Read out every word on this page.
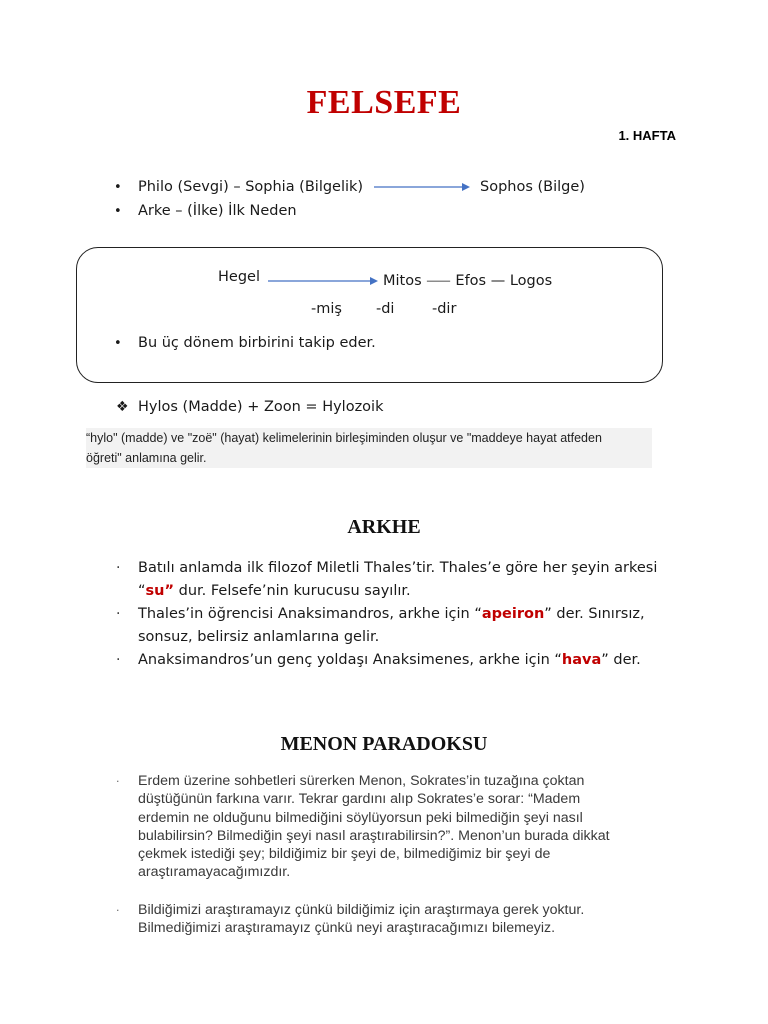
FELSEFE
1. HAFTA
• Philo (Sevgi) – Sophia (Bilgelik)	Sophos (Bilge)
• Arke – (İlke) İlk Neden
Hegel	Mitos ⸺ Efos — Logos
-miş -di	-dir
• Bu üç dönem birbirini takip eder.
❖ Hylos (Madde) + Zoon = Hylozoik
“hylo" (madde) ve "zoë" (hayat) kelimelerinin birleşiminden oluşur ve "maddeye hayat atfeden
öğreti" anlamına gelir.
ARKHE
· Batılı anlamda ilk filozof Miletli Thales’tir. Thales’e göre her şeyin arkesi
“su” dur. Felsefe’nin kurucusu sayılır.
· Thales’in öğrencisi Anaksimandros, arkhe için “apeiron” der. Sınırsız,
sonsuz, belirsiz anlamlarına gelir.
· Anaksimandros’un genç yoldaşı Anaksimenes, arkhe için “hava” der.
MENON PARADOKSU
· Erdem üzerine sohbetleri sürerken Menon, Sokrates’in tuzağına çoktan
düştüğünün farkına varır. Tekrar gardını alıp Sokrates’e sorar: “Madem
erdemin ne olduğunu bilmediğini söylüyorsun peki bilmediğin şeyi nasıl
bulabilirsin? Bilmediğin şeyi nasıl araştırabilirsin?”. Menon’un burada dikkat
çekmek istediği şey; bildiğimiz bir şeyi de, bilmediğimiz bir şeyi de
araştıramayacağımızdır.
· Bildiğimizi araştıramayız çünkü bildiğimiz için araştırmaya gerek yoktur.
Bilmediğimizi araştıramayız çünkü neyi araştıracağımızı bilemeyiz.
